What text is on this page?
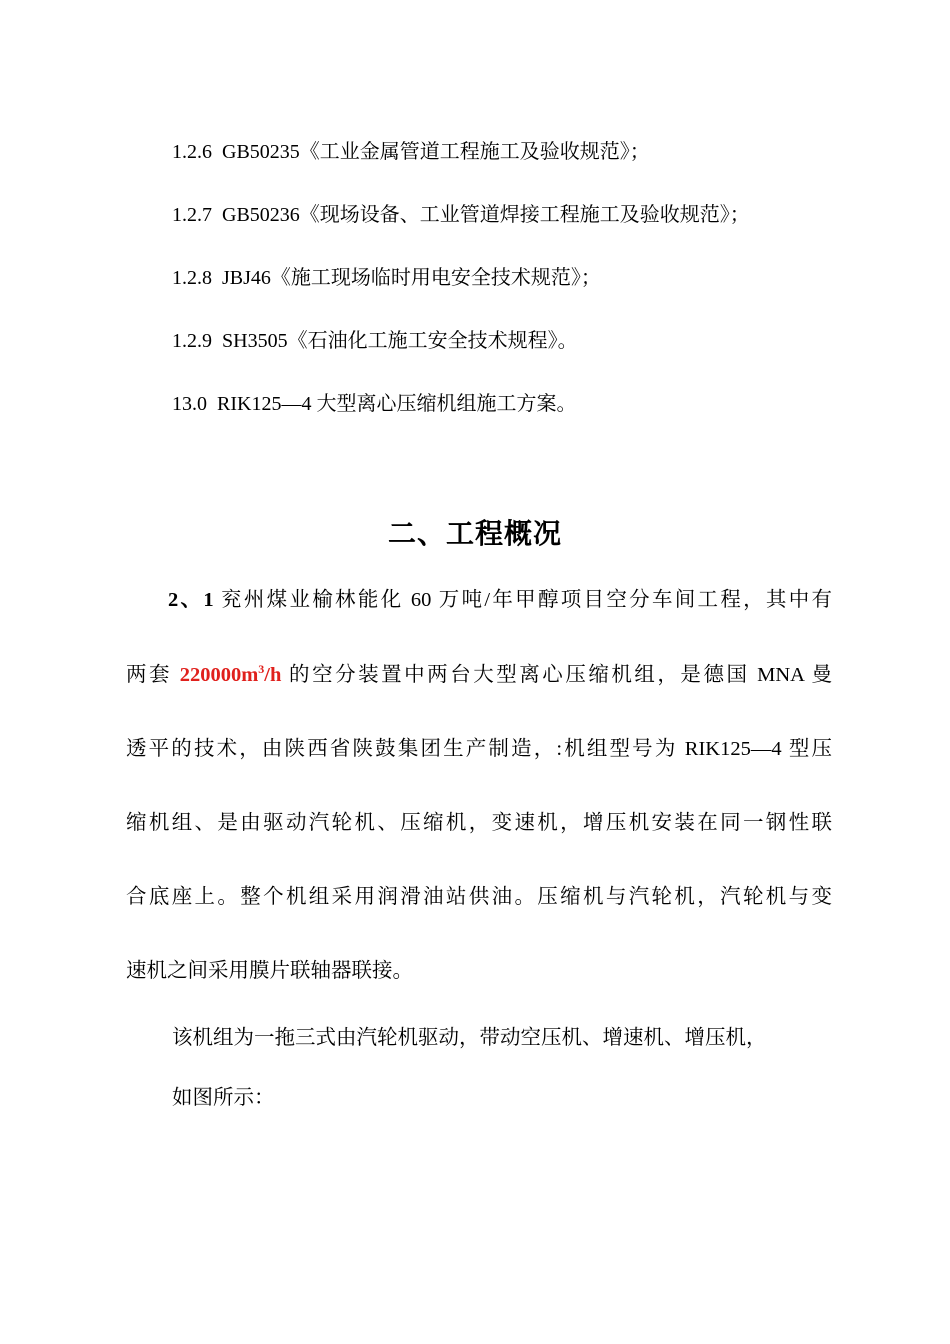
1.2.6 GB50235《工业金属管道工程施工及验收规范》；
1.2.7 GB50236《现场设备、工业管道焊接工程施工及验收规范》；
1.2.8 JBJ46《施工现场临时用电安全技术规范》；
1.2.9 SH3505《石油化工施工安全技术规程》。
13.0 RIK125—4 大型离心压缩机组施工方案。
二、工程概况
2、1 兖州煤业榆林能化 60 万吨/年甲醇项目空分车间工程，其中有
两套 $220000m^3/h$ 的空分装置中两台大型离心压缩机组，是德国 MNA 曼
透平的技术，由陕西省陕鼓集团生产制造，:机组型号为 RIK125—4 型压
缩机组、是由驱动汽轮机、压缩机，变速机，增压机安装在同一钢性联
合底座上。整个机组采用润滑油站供油。压缩机与汽轮机，汽轮机与变
速机之间采用膜片联轴器联接。
该机组为一拖三式由汽轮机驱动，带动空压机、增速机、增压机，
如图所示：
